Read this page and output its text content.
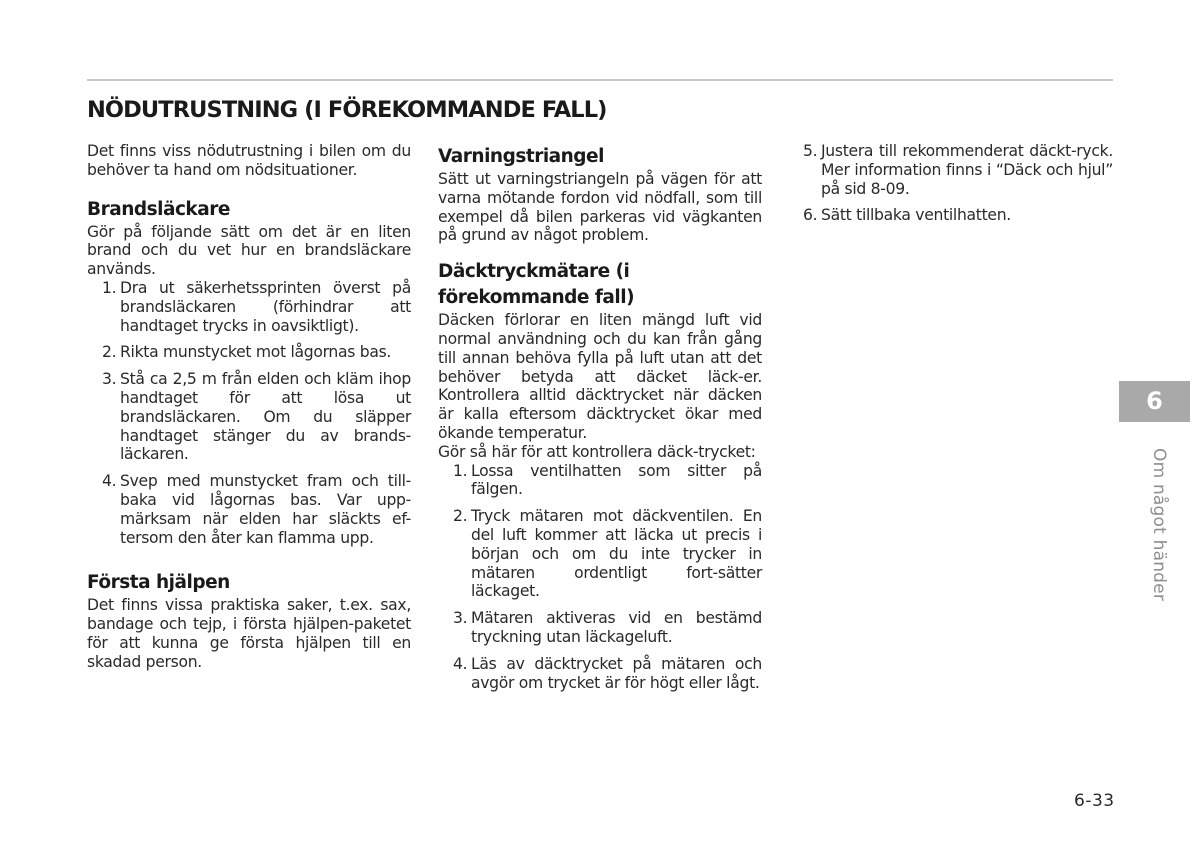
NÖDUTRUSTNING (I FÖREKOMMANDE FALL)

Det finns viss nödutrustning i bilen om du behöver ta hand om nödsituationer.

Brandsläckare

Gör på följande sätt om det är en liten brand och du vet hur en brandsläckare används.

1. Dra ut säkerhetssprinten överst på brandsläckaren (förhindrar att handtaget trycks in oavsiktligt).
2. Rikta munstycket mot lågornas bas.
3. Stå ca 2,5 m från elden och kläm ihop handtaget för att lösa ut brandsläckaren. Om du släpper handtaget stänger du av brands-läckaren.
4. Svep med munstycket fram och till-baka vid lågornas bas. Var upp-märksam när elden har släckts ef-tersom den åter kan flamma upp.
Första hjälpen

Det finns vissa praktiska saker, t.ex. sax, bandage och tejp, i första hjälpen-paketet för att kunna ge första hjälpen till en skadad person.

Varningstriangel

Sätt ut varningstriangeln på vägen för att varna mötande fordon vid nödfall, som till exempel då bilen parkeras vid vägkanten på grund av något problem.

Däcktryckmätare (i
förekommande fall)

Däcken förlorar en liten mängd luft vid normal användning och du kan från gång till annan behöva fylla på luft utan att det behöver betyda att däcket läck-er. Kontrollera alltid däcktrycket när däcken är kalla eftersom däcktrycket ökar med ökande temperatur.

Gör så här för att kontrollera däck-trycket:

1. Lossa ventilhatten som sitter på fälgen.
2. Tryck mätaren mot däckventilen. En del luft kommer att läcka ut precis i början och om du inte trycker in mätaren ordentligt fort-sätter läckaget.
3. Mätaren aktiveras vid en bestämd tryckning utan läckageluft.
4. Läs av däcktrycket på mätaren och avgör om trycket är för högt eller lågt.
5. Justera till rekommenderat däckt-ryck. Mer information finns i “Däck och hjul” på sid 8-09.
6. Sätt tillbaka ventilhatten.
6
Om något händer
6-33
